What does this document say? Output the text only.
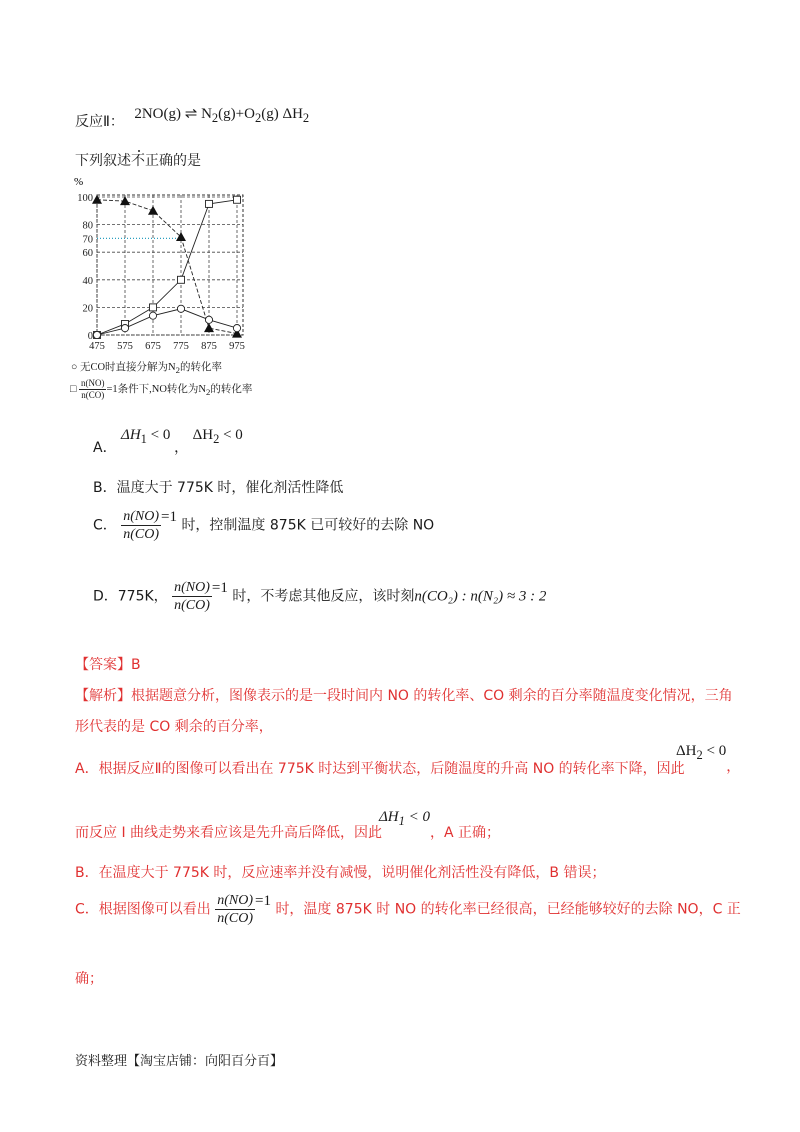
反应Ⅱ： 2NO(g) ⇌ $N_2(g)+O_2(g)$ $\Delta H_2$
下列叙述不正确的是
%
0
20
40
60
70
80
100
475 575 675 775 875 975
○ 无CO时直接分解为$N_2$的转化率
□ $\frac{n(NO)}{n(CO)} =1$条件下,NO转化为$N_2$的转化率
A． $\Delta H_1 < 0$ ， $\Delta H_2 < 0$
B．温度大于 775K 时，催化剂活性降低
C． $\frac{n(NO)}{n(CO)} =1$ 时，控制温度 875K 已可较好的去除 NO
D．775K， $\frac{n(NO)}{n(CO)} =1$ 时，不考虑其他反应，该时刻n(CO₂) : n(N₂) ≈ 3 : 2
【答案】B
【解析】根据题意分析，图像表示的是一段时间内 NO 的转化率、CO 剩余的百分率随温度变化情况，三角
形代表的是 CO 剩余的百分率，
A．根据反应Ⅱ的图像可以看出在 775K 时达到平衡状态，后随温度的升高 NO 的转化率下降，因此
$\Delta H_2 < 0$，
而反应 I 曲线走势来看应该是先升高后降低，因此
$\Delta H_1 < 0$，A 正确；
B．在温度大于 775K 时，反应速率并没有减慢，说明催化剂活性没有降低，B 错误；
C．根据图像可以看出 $\frac{n(NO)}{n(CO)} =1$ 时，温度 875K 时 NO 的转化率已经很高，已经能够较好的去除 NO，C 正
确；
资料整理【淘宝店铺：向阳百分百】
